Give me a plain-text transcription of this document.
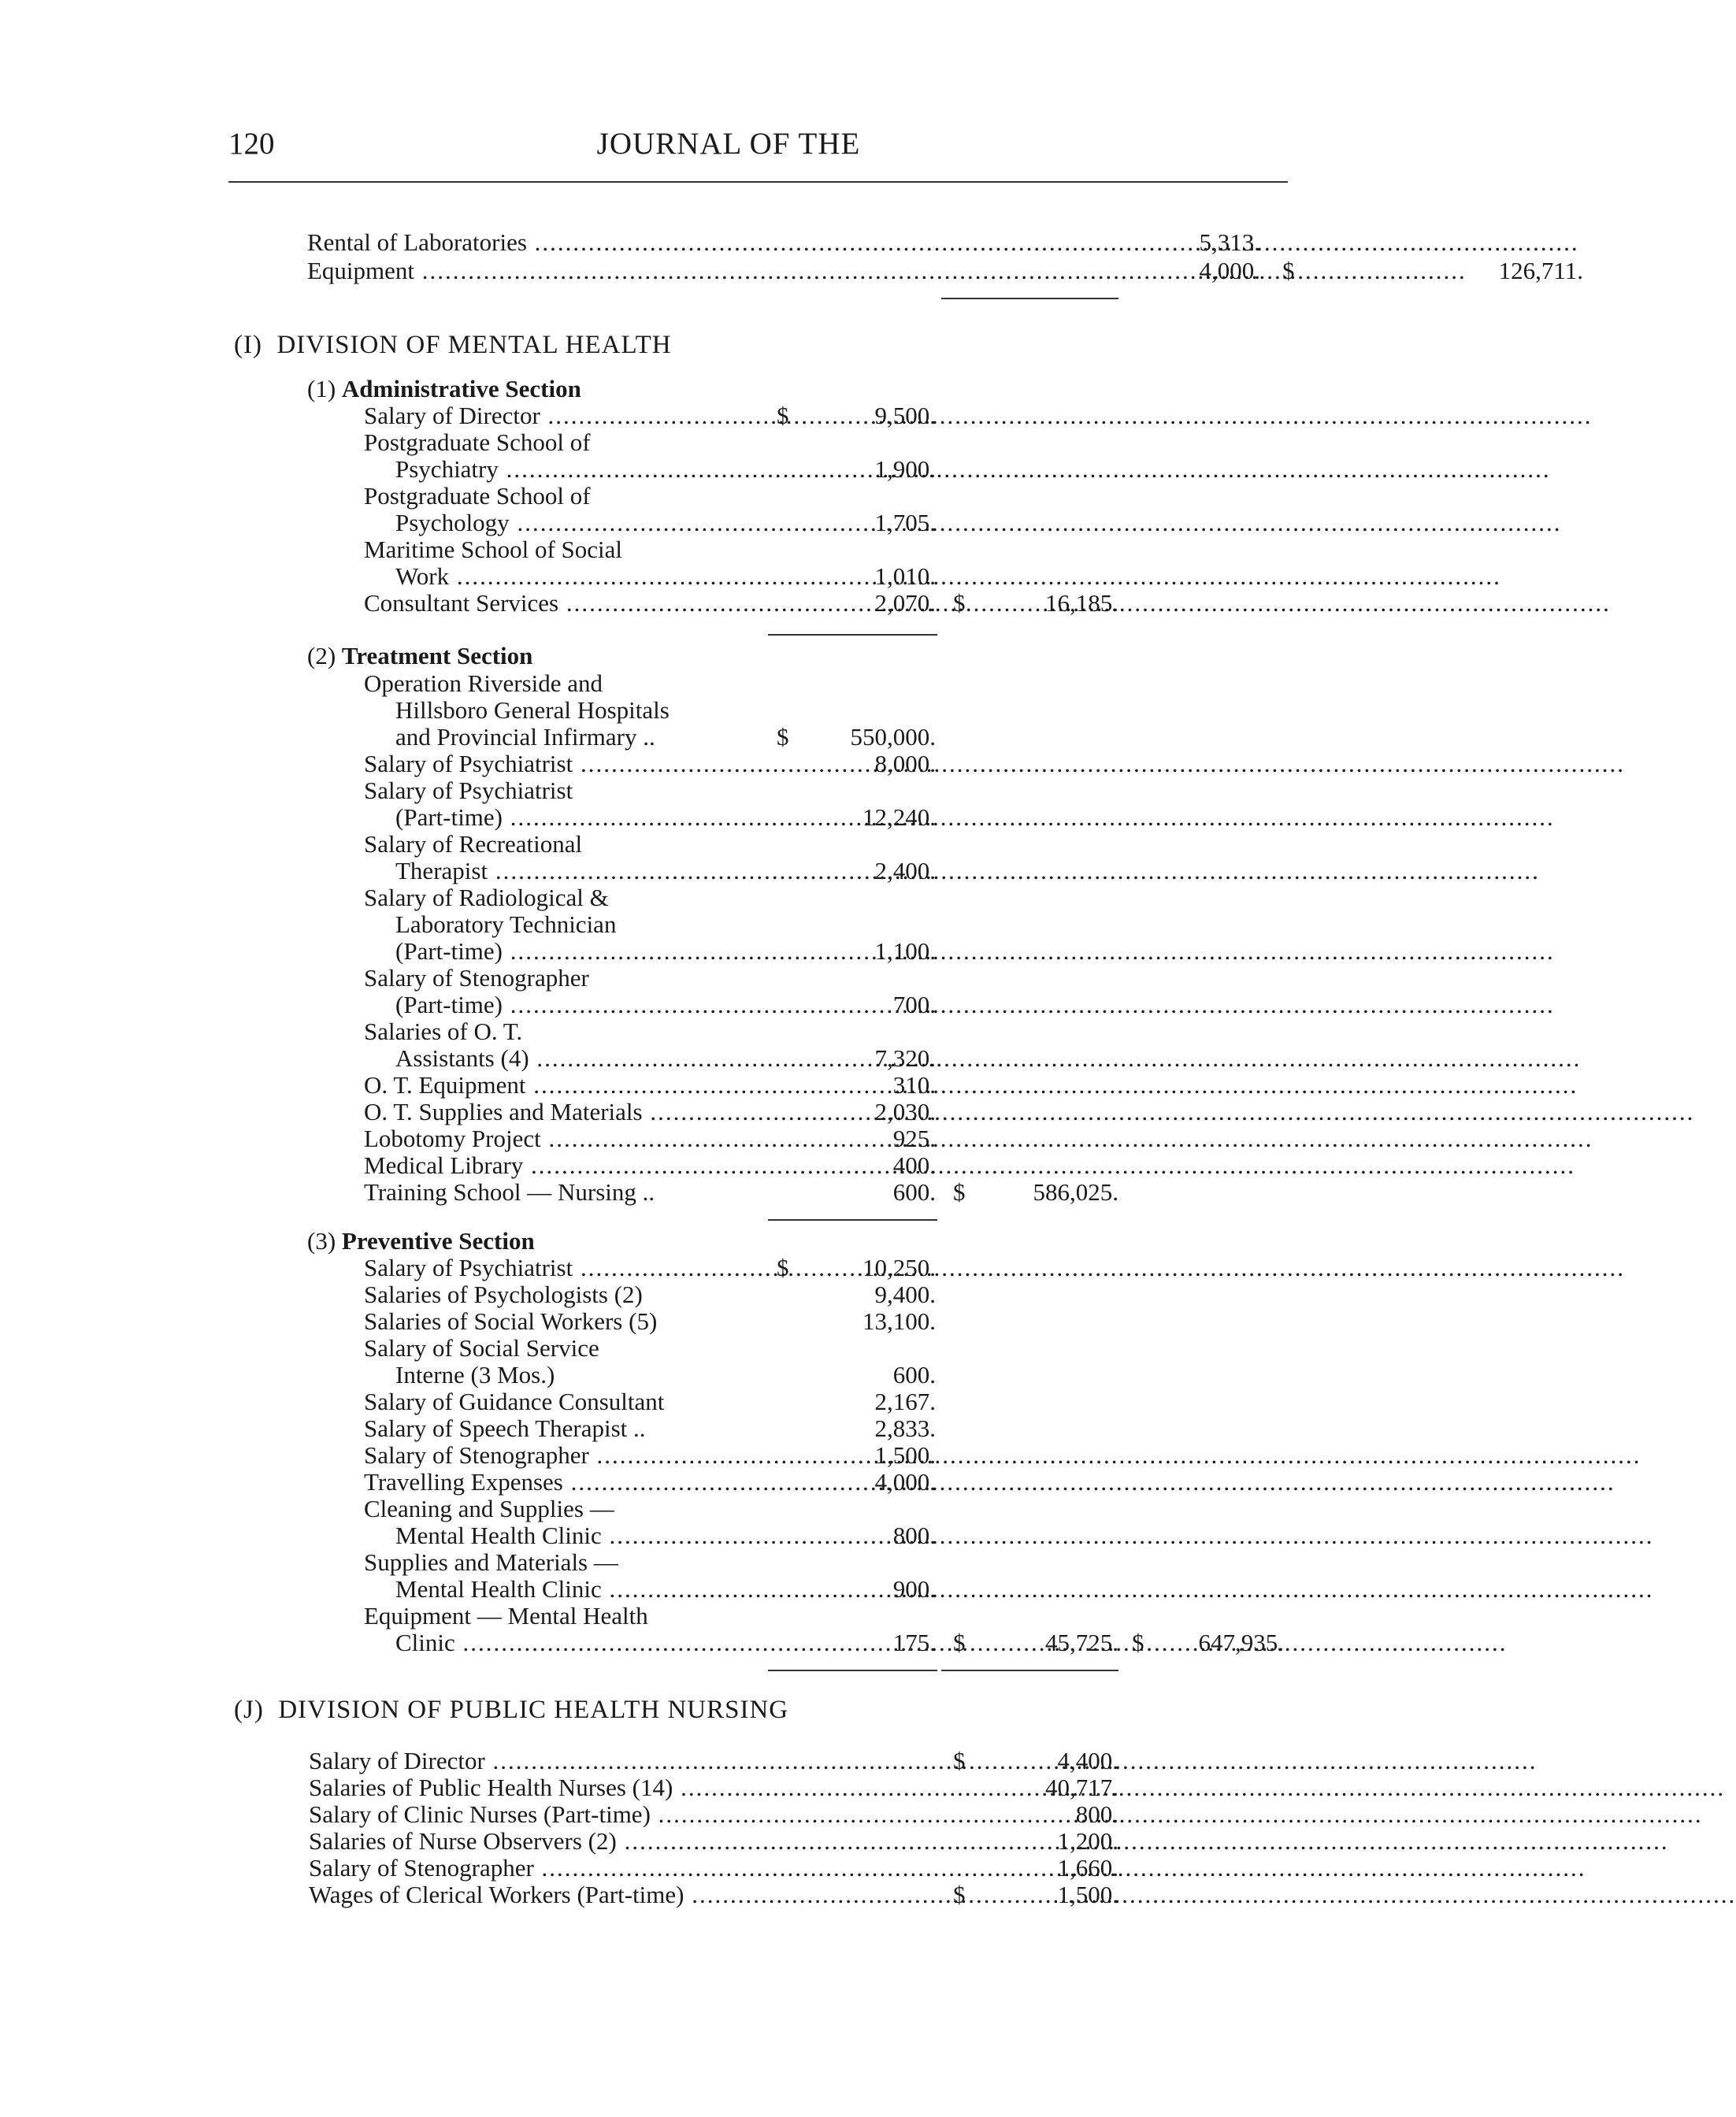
120	JOURNAL OF THE
Rental of Laboratories .....	5,313.
Equipment .....	4,000. $	126,711.
(I) DIVISION OF MENTAL HEALTH
(1) Administrative Section
Salary of Director .....	$	9,500.
Postgraduate School of
Psychiatry .....	1,900.
Postgraduate School of
Psychology .....	1,705.
Maritime School of Social
Work .....	1,010.
Consultant Services .....	2,070. $	16,185.
(2) Treatment Section
Operation Riverside and
Hillsboro General Hospitals
and Provincial Infirmary ..	$	550,000.
Salary of Psychiatrist .....	8,000.
Salary of Psychiatrist
(Part-time) .....	12,240.
Salary of Recreational
Therapist .....	2,400.
Salary of Radiological &
Laboratory Technician
(Part-time) .....	1,100.
Salary of Stenographer
(Part-time) .....	700.
Salaries of O. T.
Assistants (4) .....	7,320.
O. T. Equipment .....	310.
O. T. Supplies and Materials .....	2,030.
Lobotomy Project .....	925.
Medical Library .....	400.
Training School — Nursing ..	600. $	586,025.
(3) Preventive Section
Salary of Psychiatrist .....	$	10,250.
Salaries of Psychologists (2)	9,400.
Salaries of Social Workers (5)	13,100.
Salary of Social Service
Interne (3 Mos.)	600.
Salary of Guidance Consultant	2,167.
Salary of Speech Therapist ..	2,833.
Salary of Stenographer .....	1,500.
Travelling Expenses .....	4,000.
Cleaning and Supplies —
Mental Health Clinic .....	800.
Supplies and Materials —
Mental Health Clinic .....	900.
Equipment — Mental Health
Clinic .....	175. $	45,725. $	647,935.
(J) DIVISION OF PUBLIC HEALTH NURSING
Salary of Director .....	$	4,400.
Salaries of Public Health Nurses (14) .....	40,717.
Salary of Clinic Nurses (Part-time) .....	800.
Salaries of Nurse Observers (2) .....	1,200.
Salary of Stenographer .....	1,660.
Wages of Clerical Workers (Part-time) .....	$	1,500.
